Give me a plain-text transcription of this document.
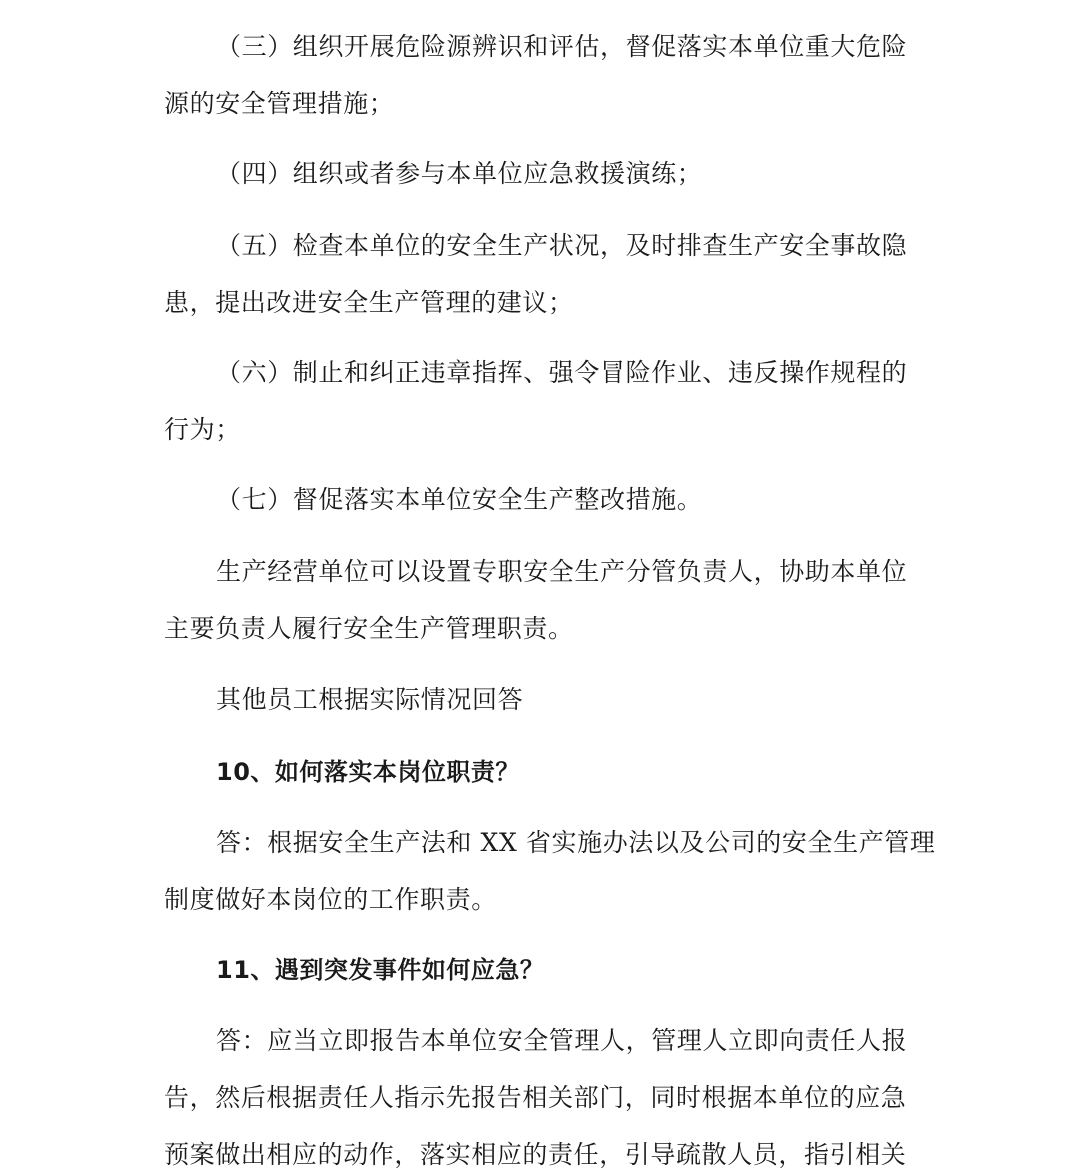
（三）组织开展危险源辨识和评估，督促落实本单位重大危险
源的安全管理措施；
（四）组织或者参与本单位应急救援演练；
（五）检查本单位的安全生产状况，及时排查生产安全事故隐
患，提出改进安全生产管理的建议；
（六）制止和纠正违章指挥、强令冒险作业、违反操作规程的
行为；
（七）督促落实本单位安全生产整改措施。
生产经营单位可以设置专职安全生产分管负责人，协助本单位
主要负责人履行安全生产管理职责。
其他员工根据实际情况回答
10、如何落实本岗位职责？
答：根据安全生产法和 XX 省实施办法以及公司的安全生产管理
制度做好本岗位的工作职责。
11、遇到突发事件如何应急？
答：应当立即报告本单位安全管理人，管理人立即向责任人报
告，然后根据责任人指示先报告相关部门，同时根据本单位的应急
预案做出相应的动作，落实相应的责任，引导疏散人员，指引相关
